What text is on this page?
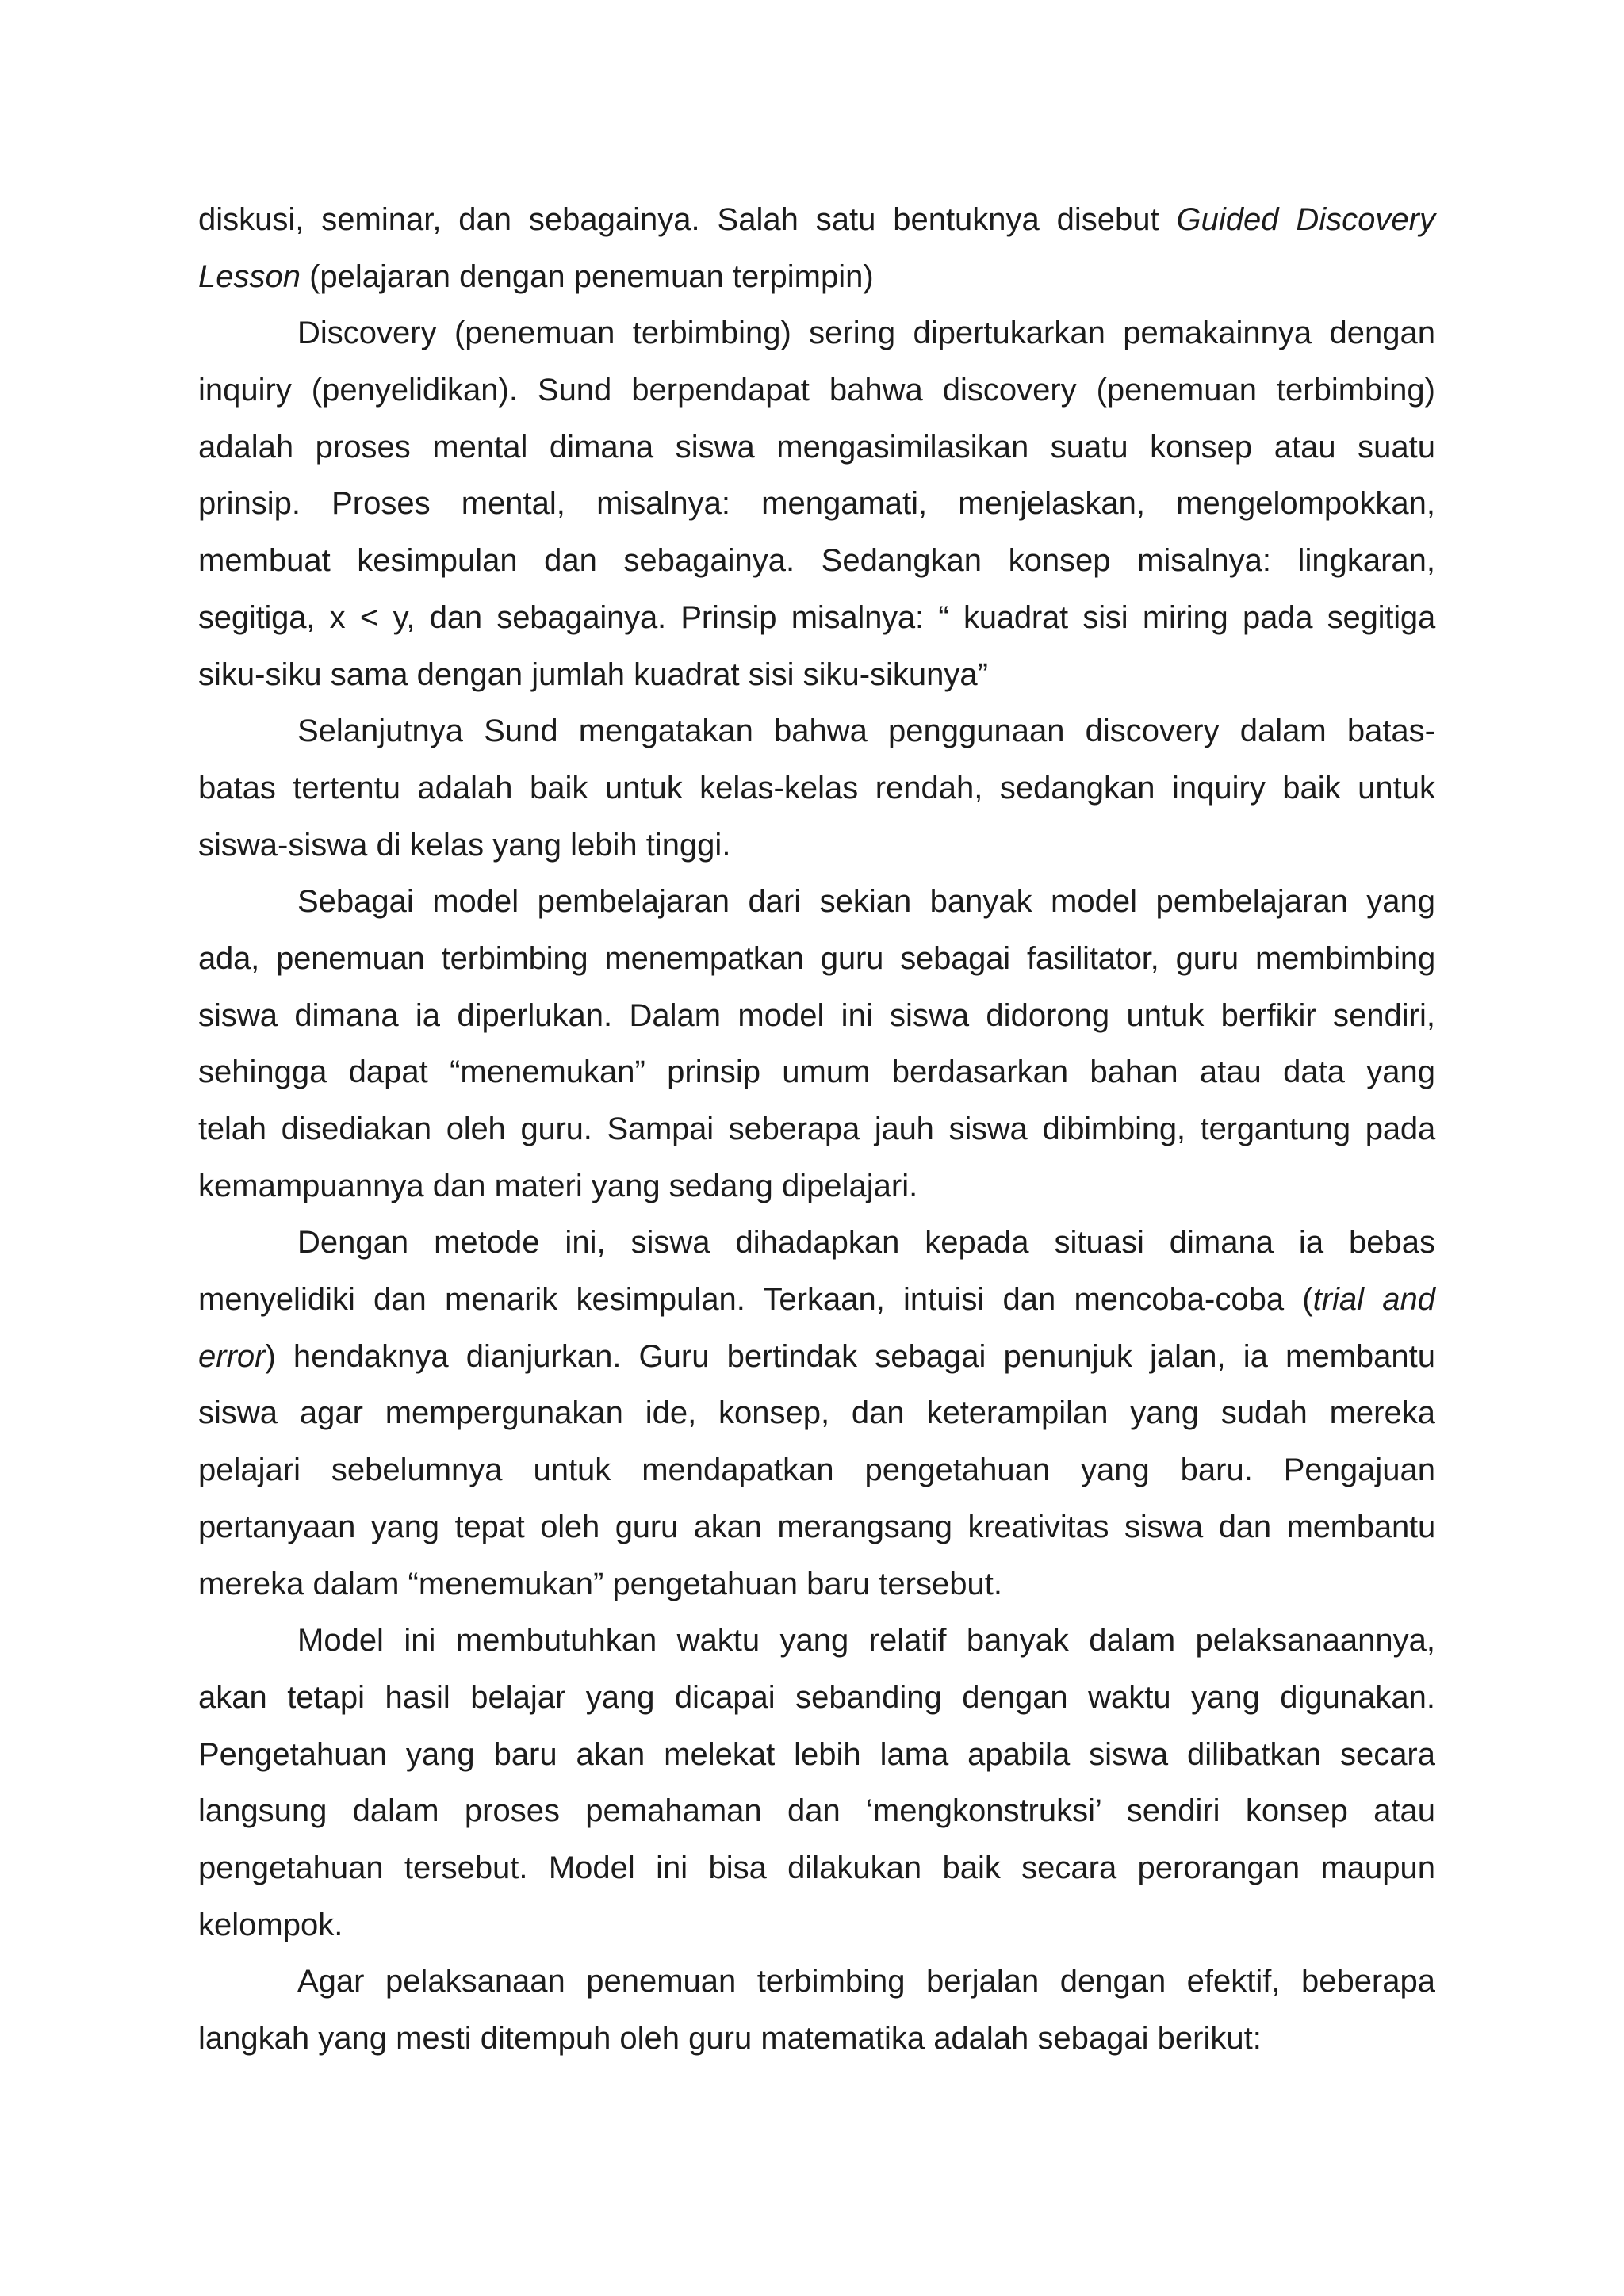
diskusi, seminar, dan sebagainya. Salah satu bentuknya disebut Guided Discovery
Lesson (pelajaran dengan penemuan terpimpin)
Discovery (penemuan terbimbing) sering dipertukarkan pemakainnya dengan
inquiry (penyelidikan). Sund berpendapat bahwa discovery (penemuan terbimbing)
adalah proses mental dimana siswa mengasimilasikan suatu konsep atau suatu
prinsip. Proses mental, misalnya: mengamati, menjelaskan, mengelompokkan,
membuat kesimpulan dan sebagainya. Sedangkan konsep misalnya: lingkaran,
segitiga, x < y, dan sebagainya. Prinsip misalnya: “ kuadrat sisi miring pada segitiga
siku-siku sama dengan jumlah kuadrat sisi siku-sikunya”
Selanjutnya Sund mengatakan bahwa penggunaan discovery dalam batas-
batas tertentu adalah baik untuk kelas-kelas rendah, sedangkan inquiry baik untuk
siswa-siswa di kelas yang lebih tinggi.
Sebagai model pembelajaran dari sekian banyak model pembelajaran yang
ada, penemuan terbimbing menempatkan guru sebagai fasilitator, guru membimbing
siswa dimana ia diperlukan. Dalam model ini siswa didorong untuk berfikir sendiri,
sehingga dapat “menemukan” prinsip umum berdasarkan bahan atau data yang
telah disediakan oleh guru. Sampai seberapa jauh siswa dibimbing, tergantung pada
kemampuannya dan materi yang sedang dipelajari.
Dengan metode ini, siswa dihadapkan kepada situasi dimana ia bebas
menyelidiki dan menarik kesimpulan. Terkaan, intuisi dan mencoba-coba (trial and
error) hendaknya dianjurkan. Guru bertindak sebagai penunjuk jalan, ia membantu
siswa agar mempergunakan ide, konsep, dan keterampilan yang sudah mereka
pelajari sebelumnya untuk mendapatkan pengetahuan yang baru. Pengajuan
pertanyaan yang tepat oleh guru akan merangsang kreativitas siswa dan membantu
mereka dalam “menemukan” pengetahuan baru tersebut.
Model ini membutuhkan waktu yang relatif banyak dalam pelaksanaannya,
akan tetapi hasil belajar yang dicapai sebanding dengan waktu yang digunakan.
Pengetahuan yang baru akan melekat lebih lama apabila siswa dilibatkan secara
langsung dalam proses pemahaman dan ‘mengkonstruksi’ sendiri konsep atau
pengetahuan tersebut. Model ini bisa dilakukan baik secara perorangan maupun
kelompok.
Agar pelaksanaan penemuan terbimbing berjalan dengan efektif, beberapa
langkah yang mesti ditempuh oleh guru matematika adalah sebagai berikut:
